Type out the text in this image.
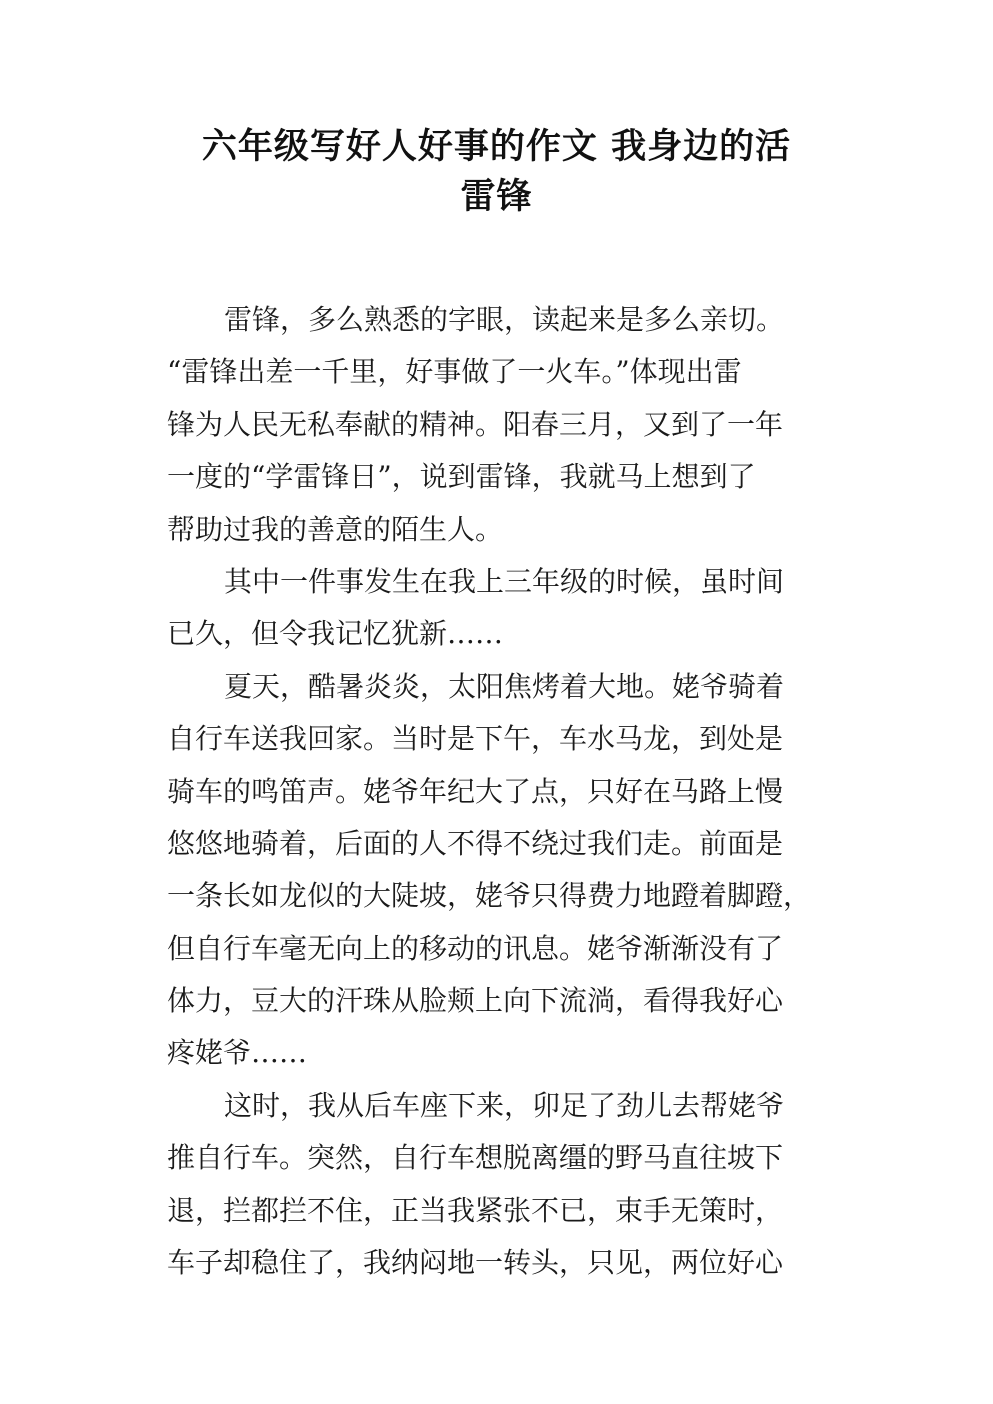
六年级写好人好事的作文 我身边的活
雷锋

雷锋，多么熟悉的字眼，读起来是多么亲切。
“雷锋出差一千里，好事做了一火车。”体现出雷
锋为人民无私奉献的精神。阳春三月，又到了一年
一度的“学雷锋日”，说到雷锋，我就马上想到了
帮助过我的善意的陌生人。

其中一件事发生在我上三年级的时候，虽时间
已久，但令我记忆犹新……

夏天，酷暑炎炎，太阳焦烤着大地。姥爷骑着
自行车送我回家。当时是下午，车水马龙，到处是
骑车的鸣笛声。姥爷年纪大了点，只好在马路上慢
悠悠地骑着，后面的人不得不绕过我们走。前面是
一条长如龙似的大陡坡，姥爷只得费力地蹬着脚蹬，
但自行车毫无向上的移动的讯息。姥爷渐渐没有了
体力，豆大的汗珠从脸颊上向下流淌，看得我好心
疼姥爷……

这时，我从后车座下来，卯足了劲儿去帮姥爷
推自行车。突然，自行车想脱离缰的野马直往坡下
退，拦都拦不住，正当我紧张不已，束手无策时，
车子却稳住了，我纳闷地一转头，只见，两位好心
